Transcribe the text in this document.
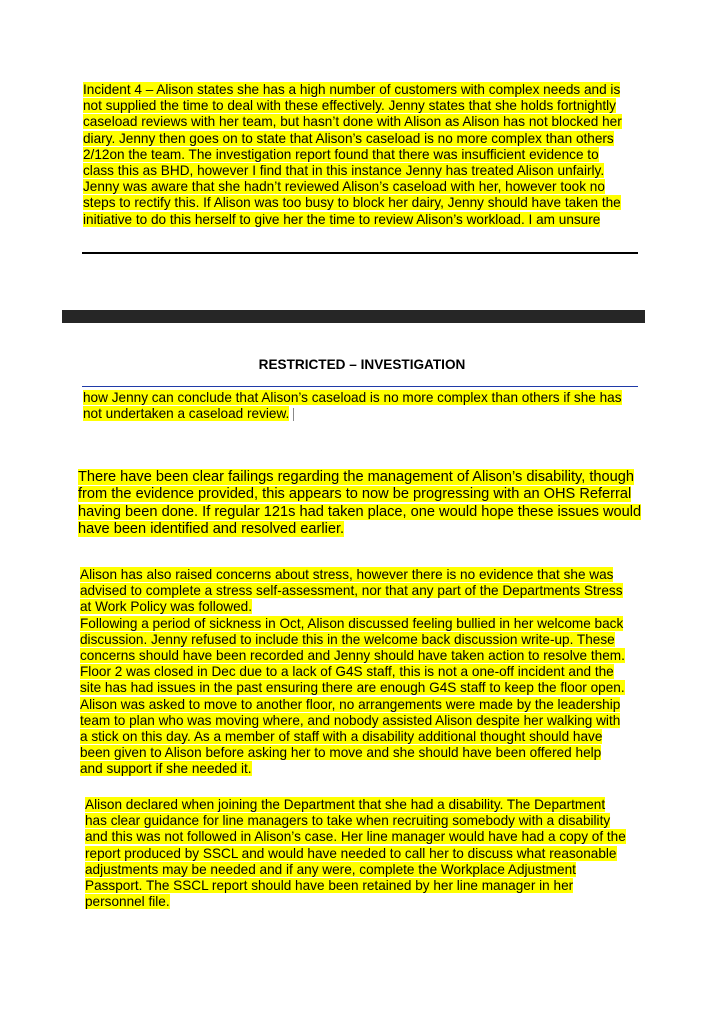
Incident 4 – Alison states she has a high number of customers with complex needs and is
not supplied the time to deal with these effectively. Jenny states that she holds fortnightly
caseload reviews with her team, but hasn’t done with Alison as Alison has not blocked her
diary. Jenny then goes on to state that Alison’s caseload is no more complex than others
2/12on the team. The investigation report found that there was insufficient evidence to
class this as BHD, however I find that in this instance Jenny has treated Alison unfairly.
Jenny was aware that she hadn’t reviewed Alison’s caseload with her, however took no
steps to rectify this. If Alison was too busy to block her dairy, Jenny should have taken the
initiative to do this herself to give her the time to review Alison’s workload. I am unsure
RESTRICTED – INVESTIGATION
how Jenny can conclude that Alison’s caseload is no more complex than others if she has
not undertaken a caseload review.
There have been clear failings regarding the management of Alison’s disability, though
from the evidence provided, this appears to now be progressing with an OHS Referral
having been done. If regular 121s had taken place, one would hope these issues would
have been identified and resolved earlier.
Alison has also raised concerns about stress, however there is no evidence that she was
advised to complete a stress self-assessment, nor that any part of the Departments Stress
at Work Policy was followed.
Following a period of sickness in Oct, Alison discussed feeling bullied in her welcome back
discussion. Jenny refused to include this in the welcome back discussion write-up. These
concerns should have been recorded and Jenny should have taken action to resolve them.
Floor 2 was closed in Dec due to a lack of G4S staff, this is not a one-off incident and the
site has had issues in the past ensuring there are enough G4S staff to keep the floor open.
Alison was asked to move to another floor, no arrangements were made by the leadership
team to plan who was moving where, and nobody assisted Alison despite her walking with
a stick on this day. As a member of staff with a disability additional thought should have
been given to Alison before asking her to move and she should have been offered help
and support if she needed it.
Alison declared when joining the Department that she had a disability. The Department
has clear guidance for line managers to take when recruiting somebody with a disability
and this was not followed in Alison’s case. Her line manager would have had a copy of the
report produced by SSCL and would have needed to call her to discuss what reasonable
adjustments may be needed and if any were, complete the Workplace Adjustment
Passport. The SSCL report should have been retained by her line manager in her
personnel file.
